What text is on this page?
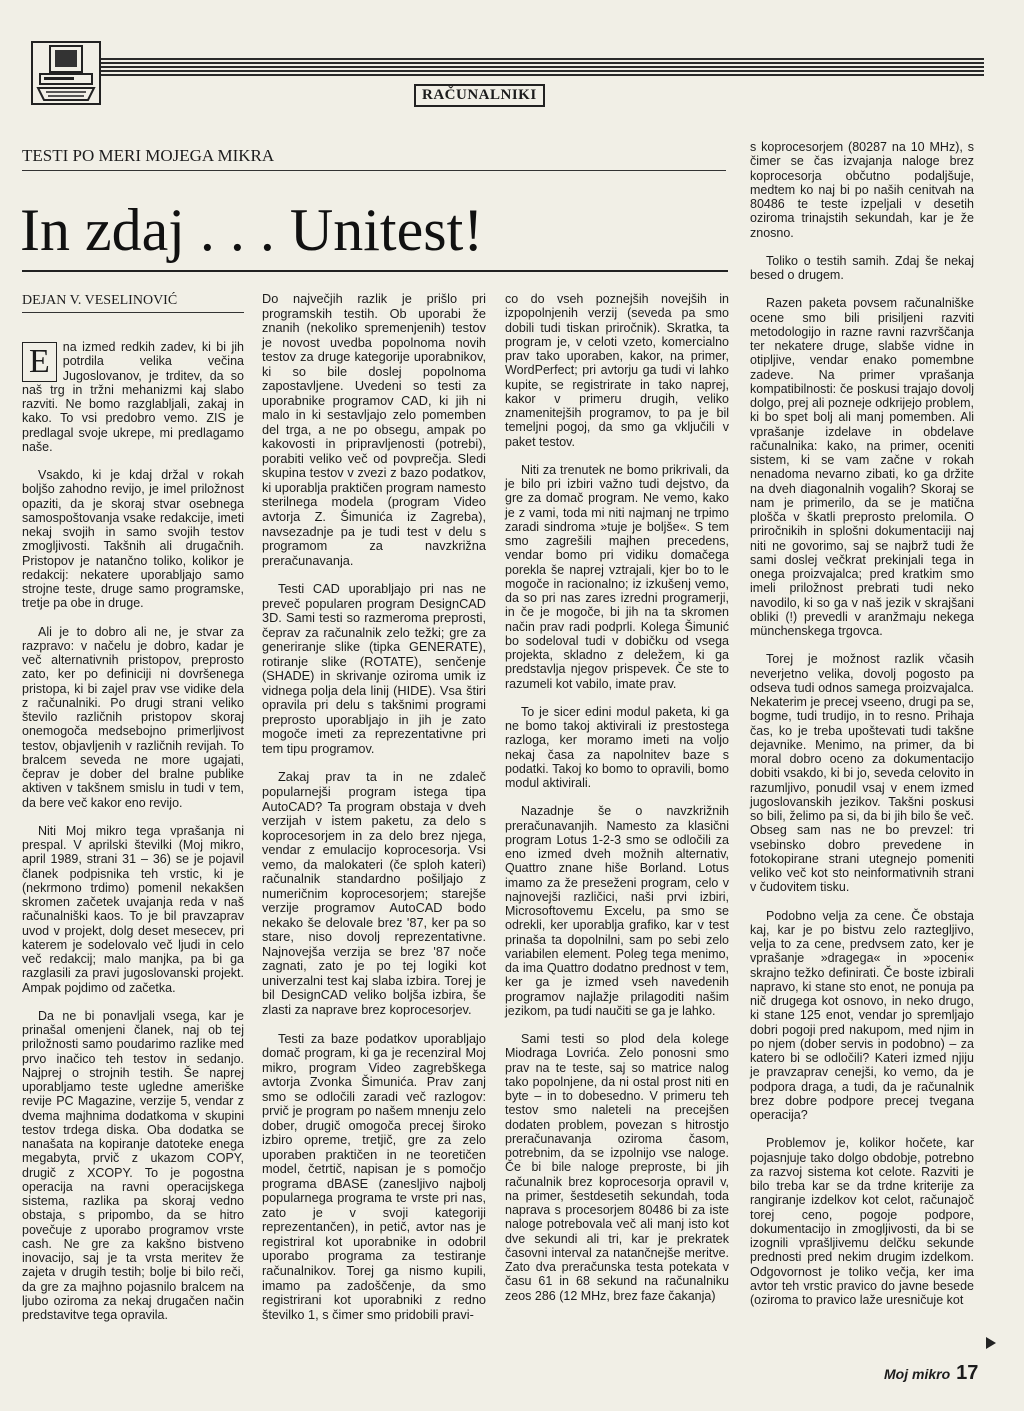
RAČUNALNIKI
TESTI PO MERI MOJEGA MIKRA
In zdaj . . . Unitest!
DEJAN V. VESELINOVIĆ

E	na izmed redkih zadev, ki bi jih potrdila velika večina Jugoslovanov, je trditev, da so naš trg in tržni mehanizmi kaj slabo razviti. Ne bomo razglabljali, zakaj in kako. To vsi predobro vemo. ZIS je predlagal svoje ukrepe, mi predlagamo naše.

Vsakdo, ki je kdaj držal v rokah boljšo zahodno revijo, je imel priložnost opaziti, da je skoraj stvar osebnega samospoštovanja vsake redakcije, imeti nekaj svojih in samo svojih testov zmogljivosti. Takšnih ali drugačnih. Pristopov je natančno toliko, kolikor je redakcij: nekatere uporabljajo samo strojne teste, druge samo programske, tretje pa obe in druge.

Ali je to dobro ali ne, je stvar za razpravo: v načelu je dobro, kadar je več alternativnih pristopov, preprosto zato, ker po definiciji ni dovršenega pristopa, ki bi zajel prav vse vidike dela z računalniki. Po drugi strani veliko število različnih pristopov skoraj onemogoča medsebojno primerljivost testov, objavljenih v različnih revijah. To bralcem seveda ne more ugajati, čeprav je dober del bralne publike aktiven v takšnem smislu in tudi v tem, da bere več kakor eno revijo.

Niti Moj mikro tega vprašanja ni prespal. V aprilski številki (Moj mikro, april 1989, strani 31 – 36) se je pojavil članek podpisnika teh vrstic, ki je (nekrmono trdimo) pomenil nekakšen skromen začetek uvajanja reda v naš računalniški kaos. To je bil pravzaprav uvod v projekt, dolg deset mesecev, pri katerem je sodelovalo več ljudi in celo več redakcij; malo manjka, pa bi ga razglasili za pravi jugoslovanski projekt. Ampak pojdimo od začetka.

Da ne bi ponavljali vsega, kar je prinašal omenjeni članek, naj ob tej priložnosti samo poudarimo razlike med prvo inačico teh testov in sedanjo. Najprej o strojnih testih. Še naprej uporabljamo teste ugledne ameriške revije PC Magazine, verzije 5, vendar z dvema majhnima dodatkoma v skupini testov trdega diska. Oba dodatka se nanašata na kopiranje datoteke enega megabyta, prvič z ukazom COPY, drugič z XCOPY. To je pogostna operacija na ravni operacijskega sistema, razlika pa skoraj vedno obstaja, s pripombo, da se hitro povečuje z uporabo programov vrste cash. Ne gre za kakšno bistveno inovacijo, saj je ta vrsta meritev že zajeta v drugih testih; bolje bi bilo reči, da gre za majhno pojasnilo bralcem na ljubo oziroma za nekaj drugačen način predstavitve tega opravila.

Do največjih razlik je prišlo pri programskih testih. Ob uporabi že znanih (nekoliko spremenjenih) testov je novost uvedba popolnoma novih testov za druge kategorije uporabnikov, ki so bile doslej popolnoma zapostavljene. Uvedeni so testi za uporabnike programov CAD, ki jih ni malo in ki sestavljajo zelo pomemben del trga, a ne po obsegu, ampak po kakovosti in pripravljenosti (potrebi), porabiti veliko več od povprečja. Sledi skupina testov v zvezi z bazo podatkov, ki uporablja praktičen program namesto sterilnega modela (program Video avtorja Z. Šimunića iz Zagreba), navsezadnje pa je tudi test v delu s programom za navzkrižna preračunavanja.

Testi CAD uporabljajo pri nas ne preveč popularen program DesignCAD 3D. Sami testi so razmeroma preprosti, čeprav za računalnik zelo težki; gre za generiranje slike (tipka GENERATE), rotiranje slike (ROTATE), senčenje (SHADE) in skrivanje oziroma umik iz vidnega polja dela linij (HIDE). Vsa štiri opravila pri delu s takšnimi programi preprosto uporabljajo in jih je zato mogoče imeti za reprezentativne pri tem tipu programov.

Zakaj prav ta in ne zdaleč popularnejši program istega tipa AutoCAD? Ta program obstaja v dveh verzijah v istem paketu, za delo s koprocesorjem in za delo brez njega, vendar z emulacijo koprocesorja. Vsi vemo, da malokateri (če sploh kateri) računalnik standardno pošiljajo z numeričnim koprocesorjem; starejše verzije programov AutoCAD bodo nekako še delovale brez '87, ker pa so stare, niso dovolj reprezentativne. Najnovejša verzija se brez '87 noče zagnati, zato je po tej logiki kot univerzalni test kaj slaba izbira. Torej je bil DesignCAD veliko boljša izbira, še zlasti za naprave brez koprocesorjev.

Testi za baze podatkov uporabljajo domač program, ki ga je recenziral Moj mikro, program Video zagrebškega avtorja Zvonka Šimunića. Prav zanj smo se odločili zaradi več razlogov: prvič je program po našem mnenju zelo dober, drugič omogoča precej široko izbiro opremе, tretjič, gre za zelo uporaben praktičen in ne teoretičen model, četrtič, napisan je s pomočjo programa dBASE (zanesljivo najbolj popularnega programa te vrste pri nas, zato je v svoji kategoriji reprezentančen), in petič, avtor nas je registriral kot uporabnike in odobril uporabo programa za testiranje računalnikov. Torej ga nismo kupili, imamo pa zadoščenje, da smo registrirani kot uporabniki z redno številko 1, s čimer smo pridobili pravi-

co do vseh poznejših novejših in izpopolnjenih verzij (seveda pa smo dobili tudi tiskan priročnik). Skratka, ta program je, v celoti vzeto, komercialno prav tako uporaben, kakor, na primer, WordPerfect; pri avtorju ga tudi vi lahko kupite, se registrirate in tako naprej, kakor v primeru drugih, veliko znamenitejših programov, to pa je bil temeljni pogoj, da smo ga vključili v paket testov.

Niti za trenutek ne bomo prikrivali, da je bilo pri izbiri važno tudi dejstvo, da gre za domač program. Ne vemo, kako je z vami, toda mi niti najmanj ne trpimo zaradi sindroma »tuje je boljše«. S tem smo zagrešili majhen precedens, vendar bomo pri vidiku domačega porekla še naprej vztrajali, kjer bo to le mogoče in racionalno; iz izkušenj vemo, da so pri nas zares izredni programerji, in če je mogoče, bi jih na ta skromen način prav radi podprli. Kolega Šimunić bo sodeloval tudi v dobičku od vsega projekta, skladno z deležem, ki ga predstavlja njegov prispevek. Če ste to razumeli kot vabilo, imate prav.

To je sicer edini modul paketa, ki ga ne bomo takoj aktivirali iz prestostega razloga, ker moramo imeti na voljo nekaj časa za napolnitev baze s podatki. Takoj ko bomo to opravili, bomo modul aktivirali.

Nazadnje še o navzkrižnih preračunavanjih. Namesto za klasični program Lotus 1-2-3 smo se odločili za eno izmed dveh možnih alternativ, Quattro znane hiše Borland. Lotus imamo za že preseženi program, celo v najnovejši različici, naši prvi izbiri, Microsoftovemu Excelu, pa smo se odrekli, ker uporablja grafiko, kar v test prinaša ta dopolnilni, sam po sebi zelo variabilen element. Poleg tega menimo, da ima Quattro dodatno prednost v tem, ker ga je izmed vseh navedenih programov najlažje prilagoditi našim jezikom, pa tudi naučiti se ga je lahko.

Sami testi so plod dela kolege Miodraga Lovrića. Zelo ponosni smo prav na te teste, saj so matrice nalog tako popolnjene, da ni ostal prost niti en byte – in to dobesedno. V primeru teh testov smo naleteli na precejšen dodaten problem, povezan s hitrostjo preračunavanja oziroma časom, potrebnim, da se izpolnijo vse naloge. Če bi bile naloge preproste, bi jih računalnik brez koprocesorja opravil v, na primer, šestdesetih sekundah, toda naprava s procesorjem 80486 bi za iste naloge potrebovala več ali manj isto kot dve sekundi ali tri, kar je prekratek časovni interval za natančnejše meritve. Zato dva preračunska testa potekata v času 61 in 68 sekund na računalniku zeos 286 (12 MHz, brez faze čakanja)

s koprocesorjem (80287 na 10 MHz), s čimer se čas izvajanja naloge brez koprocesorja občutno podaljšuje, medtem ko naj bi po naših cenitvah na 80486 te teste izpeljali v desetih oziroma trinajstih sekundah, kar je že znosno.

Toliko o testih samih. Zdaj še nekaj besed o drugem.

Razen paketa povsem računalniške ocene smo bili prisiljeni razviti metodologijo in razne ravni razvrščanja ter nekatere druge, slabše vidne in otipljive, vendar enako pomembne zadeve. Na primer vprašanja kompatibilnosti: če poskusi trajajo dovolj dolgo, prej ali pozneje odkrijejo problem, ki bo spet bolj ali manj pomemben. Ali vprašanje izdelave in obdelave računalnika: kako, na primer, oceniti sistem, ki se vam začne v rokah nenadoma nevarno zibati, ko ga držite na dveh diagonalnih vogalih? Skoraj se nam je primerilo, da se je matična plošča v škatli preprosto prelomila. O priročnikih in splošni dokumentaciji naj niti ne govorimo, saj se najbrž tudi že sami doslej večkrat prekinjali tega in onega proizvajalca; pred kratkim smo imeli priložnost prebrati tudi neko navodilo, ki so ga v naš jezik v skrajšani obliki (!) prevedli v aranžmaju nekega münchenskega trgovca.

Torej je možnost razlik včasih neverjetno velika, dovolj pogosto pa odseva tudi odnos samega proizvajalca. Nekaterim je precej vseeno, drugi pa se, bogme, tudi trudijo, in to resno. Prihaja čas, ko je treba upoštevati tudi takšne dejavnike. Menimo, na primer, da bi moral dobro oceno za dokumentacijo dobiti vsakdo, ki bi jo, seveda celovito in razumljivo, ponudil vsaj v enem izmed jugoslovanskih jezikov. Takšni poskusi so bili, želimo pa si, da bi jih bilo še več. Obseg sam nas ne bo prevzel: tri vsebinsko dobro prevedene in fotokopirane strani utegnejo pomeniti veliko več kot sto neinformativnih strani v čudovitem tisku.

Podobno velja za cene. Če obstaja kaj, kar je po bistvu zelo raztegljivo, velja to za cene, predvsem zato, ker je vprašanje »dragega« in »poceni« skrajno težko definirati. Če boste izbirali napravo, ki stane sto enot, ne ponuja pa nič drugega kot osnovo, in neko drugo, ki stane 125 enot, vendar jo spremljajo dobri pogoji pred nakupom, med njim in po njem (dober servis in podobno) – za katero bi se odločili? Kateri izmed njiju je pravzaprav cenejši, ko vemo, da je podpora draga, a tudi, da je računalnik brez dobre podpore precej tvegana operacija?

Problemov je, kolikor hočete, kar pojasnjuje tako dolgo obdobje, potrebno za razvoj sistema kot celote. Razviti je bilo treba kar se da trdne kriterije za rangiranje izdelkov kot celot, računajoč torej ceno, pogoje podpore, dokumentacijo in zmogljivosti, da bi se izognili vprašljivemu delčku sekunde prednosti pred nekim drugim izdelkom. Odgovornost je toliko večja, ker ima avtor teh vrstic pravico do javne besede (oziroma to pravico laže uresničuje kot

Moj mikro 17
